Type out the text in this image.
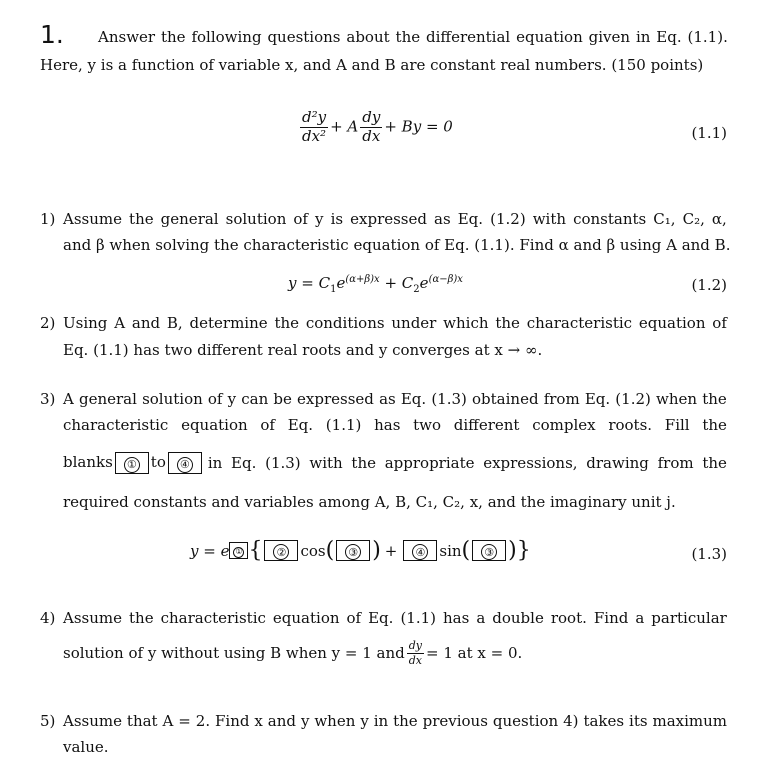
1. Answer the following questions about the differential equation given in Eq. (1.1).
Here, y is a function of variable x, and A and B are constant real numbers. (150 points)
$\frac{\text{d²y}}{\text{dx²}} + A \frac{dy}{dx} + By = 0$	(1.1)
1) Assume the general solution of y is expressed as Eq. (1.2) with constants C₁, C₂, α,
and β when solving the characteristic equation of Eq. (1.1). Find α and β using A and B.
$y = C_1e^{(\alpha+\beta)x} + C_2e^{(\alpha-\beta)x}$	(1.2)
2) Using A and B, determine the conditions under which the characteristic equation of
Eq. (1.1) has two different real roots and y converges at x → ∞.
3) A general solution of y can be expressed as Eq. (1.3) obtained from Eq. (1.2) when the
characteristic equation of Eq. (1.1) has two different complex roots. Fill the
blanks ① to ④	in Eq. (1.3) with the appropriate expressions, drawing from the
required constants and variables among A, B, C₁, C₂, x, and the imaginary unit j.
y = e ① {	② cos (	③ ) +	④ sin (	③ ) }	(1.3)
4) Assume the characteristic equation of Eq. (1.1) has a double root. Find a particular
solution of y without using B when y = 1 and $\frac{dy}{dx} = 1$ at x = 0.
5) Assume that A = 2. Find x and y when y in the previous question 4) takes its maximum
value.
